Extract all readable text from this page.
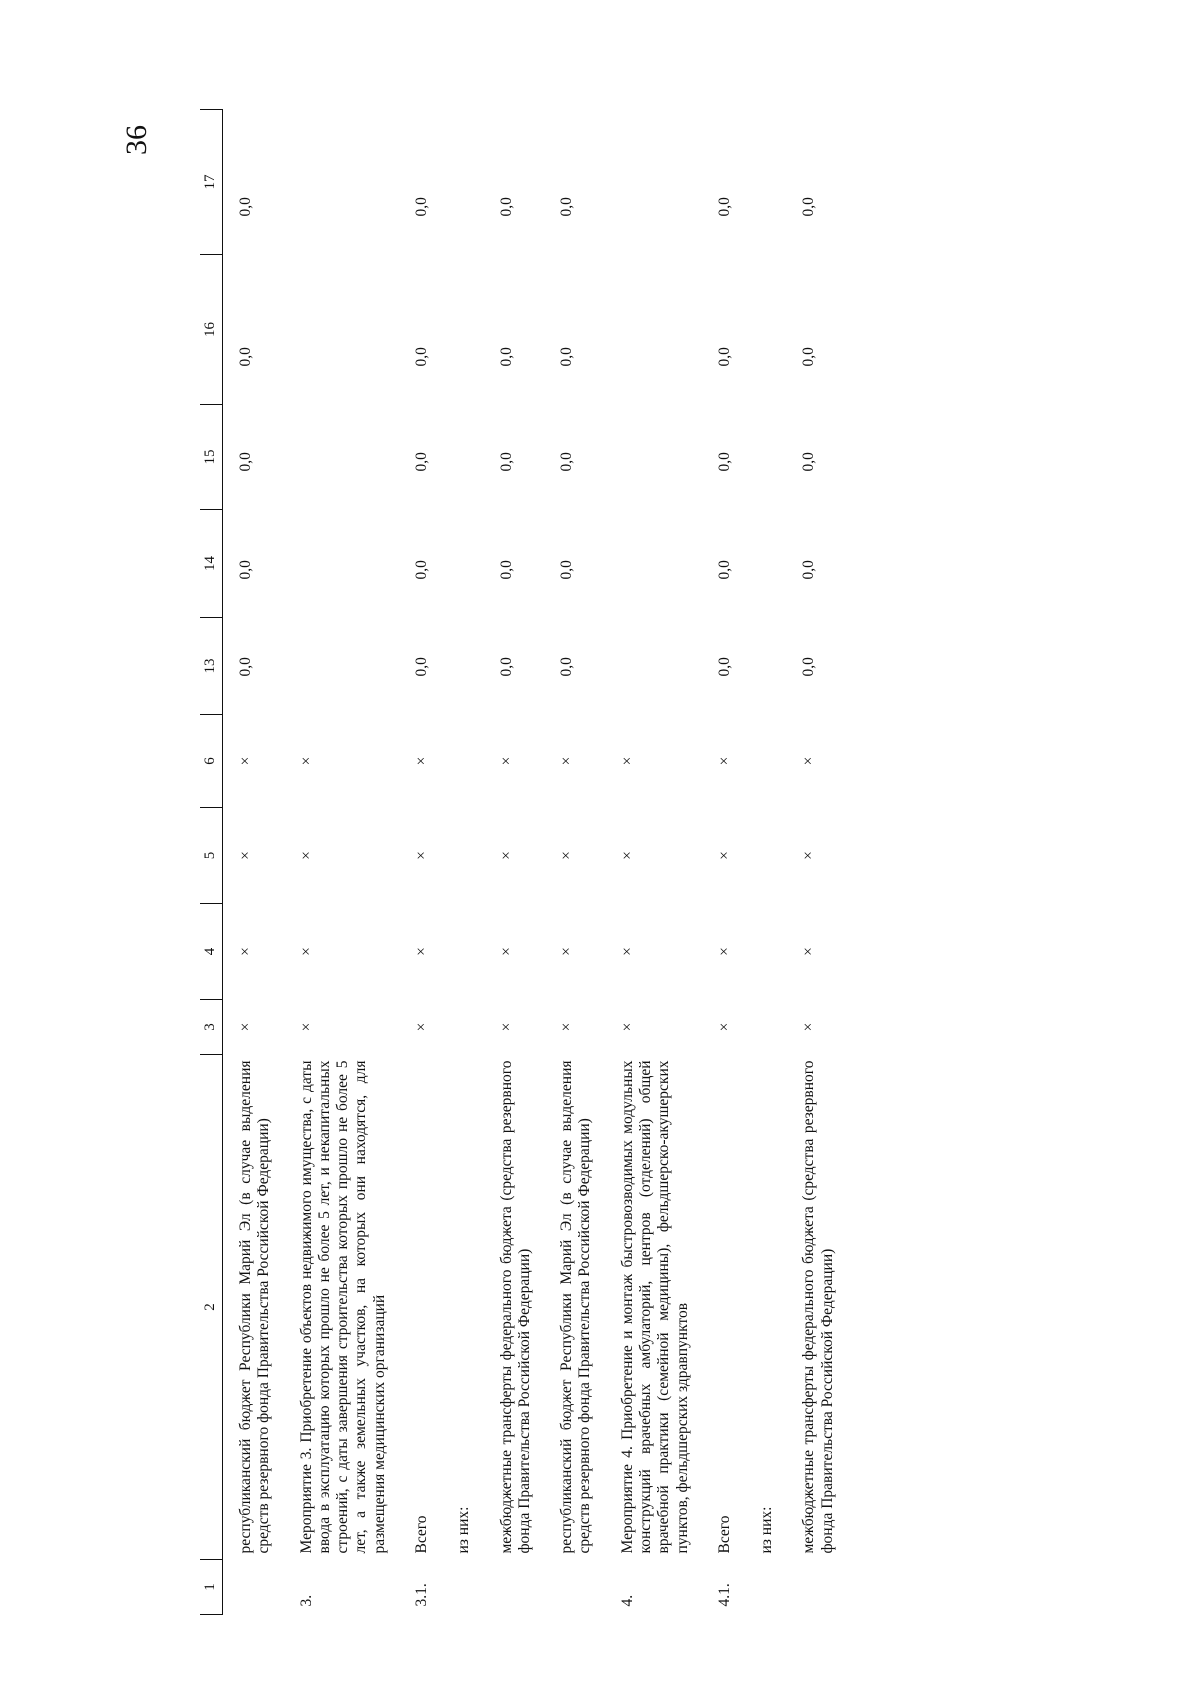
36
1	2	3	4	5	6	13	14	15	16	17

	республиканский бюджет Республики Марий Эл (в случае выделения средств резервного фонда Правительства Российской Федерации)	×	×	×	×	0,0	0,0	0,0	0,0	0,0

3.	Мероприятие 3. Приобретение объектов недвижимого имущества, с даты ввода в эксплуатацию которых прошло не более 5 лет, и некапитальных строений, с даты завершения строительства которых прошло не более 5 лет, а также земельных участков, на которых они находятся, для размещения медицинских организаций	×	×	×	×					

3.1.	Всего	×	×	×	×	0,0	0,0	0,0	0,0	0,0

	из них:									

	межбюджетные трансферты федерального бюджета (средства резервного фонда Правительства Российской Федерации)	×	×	×	×	0,0	0,0	0,0	0,0	0,0

	республиканский бюджет Республики Марий Эл (в случае выделения средств резервного фонда Правительства Российской Федерации)	×	×	×	×	0,0	0,0	0,0	0,0	0,0

4.	Мероприятие 4. Приобретение и монтаж быстровозводимых модульных конструкций врачебных амбулаторий, центров (отделений) общей врачебной практики (семейной медицины), фельдшерско-акушерских пунктов, фельдшерских здравпунктов	×	×	×	×					

4.1.	Всего	×	×	×	×	0,0	0,0	0,0	0,0	0,0

	из них:									

	межбюджетные трансферты федерального бюджета (средства резервного фонда Правительства Российской Федерации)	×	×	×	×	0,0	0,0	0,0	0,0	0,0
